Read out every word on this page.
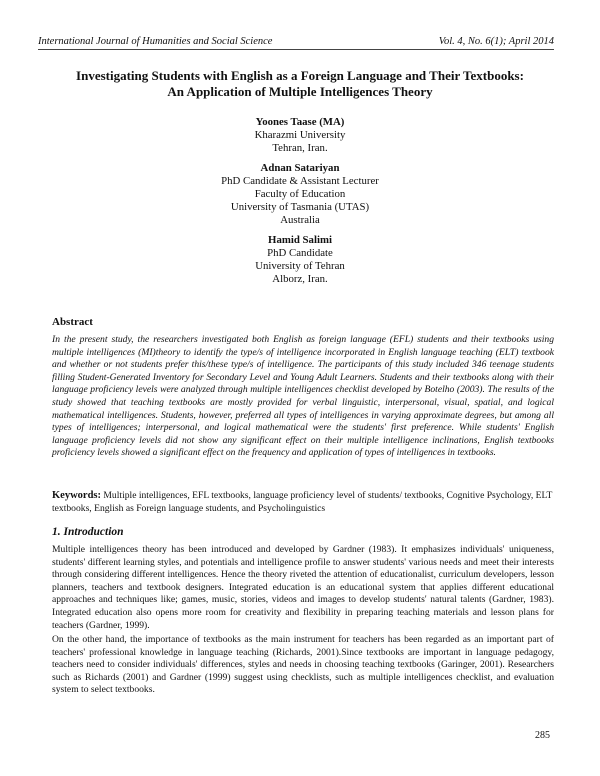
International Journal of Humanities and Social Science	Vol. 4, No. 6(1); April 2014
Investigating Students with English as a Foreign Language and Their Textbooks:
An Application of Multiple Intelligences Theory
Yoones Taase (MA)
Kharazmi University
Tehran, Iran.
Adnan Satariyan
PhD Candidate & Assistant Lecturer
Faculty of Education
University of Tasmania (UTAS)
Australia
Hamid Salimi
PhD Candidate
University of Tehran
Alborz, Iran.
Abstract
In the present study, the researchers investigated both English as foreign language (EFL) students and their textbooks using multiple intelligences (MI)theory to identify the type/s of intelligence incorporated in English language teaching (ELT) textbook and whether or not students prefer this/these type/s of intelligence. The participants of this study included 346 teenage students filling Student-Generated Inventory for Secondary Level and Young Adult Learners. Students and their textbooks along with their language proficiency levels were analyzed through multiple intelligences checklist developed by Botelho (2003). The results of the study showed that teaching textbooks are mostly provided for verbal linguistic, interpersonal, visual, spatial, and logical mathematical intelligences. Students, however, preferred all types of intelligences in varying approximate degrees, but among all types of intelligences; interpersonal, and logical mathematical were the students' first preference. While students' English language proficiency levels did not show any significant effect on their multiple intelligence inclinations, English textbooks proficiency levels showed a significant effect on the frequency and application of types of intelligences in textbooks.
Keywords: Multiple intelligences, EFL textbooks, language proficiency level of students/ textbooks, Cognitive Psychology, ELT textbooks, English as Foreign language students, and Psycholinguistics
1. Introduction
Multiple intelligences theory has been introduced and developed by Gardner (1983). It emphasizes individuals' uniqueness, students' different learning styles, and potentials and intelligence profile to answer students' various needs and meet their interests through considering different intelligences. Hence the theory riveted the attention of educationalist, curriculum developers, lesson planners, teachers and textbook designers. Integrated education is an educational system that applies different educational approaches and techniques like; games, music, stories, videos and images to develop students' natural talents (Gardner, 1983). Integrated education also opens more room for creativity and flexibility in preparing teaching materials and lesson plans for teachers (Gardner, 1999).
On the other hand, the importance of textbooks as the main instrument for teachers has been regarded as an important part of teachers' professional knowledge in language teaching (Richards, 2001).Since textbooks are important in language pedagogy, teachers need to consider individuals' differences, styles and needs in choosing teaching textbooks (Garinger, 2001). Researchers such as Richards (2001) and Gardner (1999) suggest using checklists, such as multiple intelligences checklist, and evaluation system to select textbooks.
285
